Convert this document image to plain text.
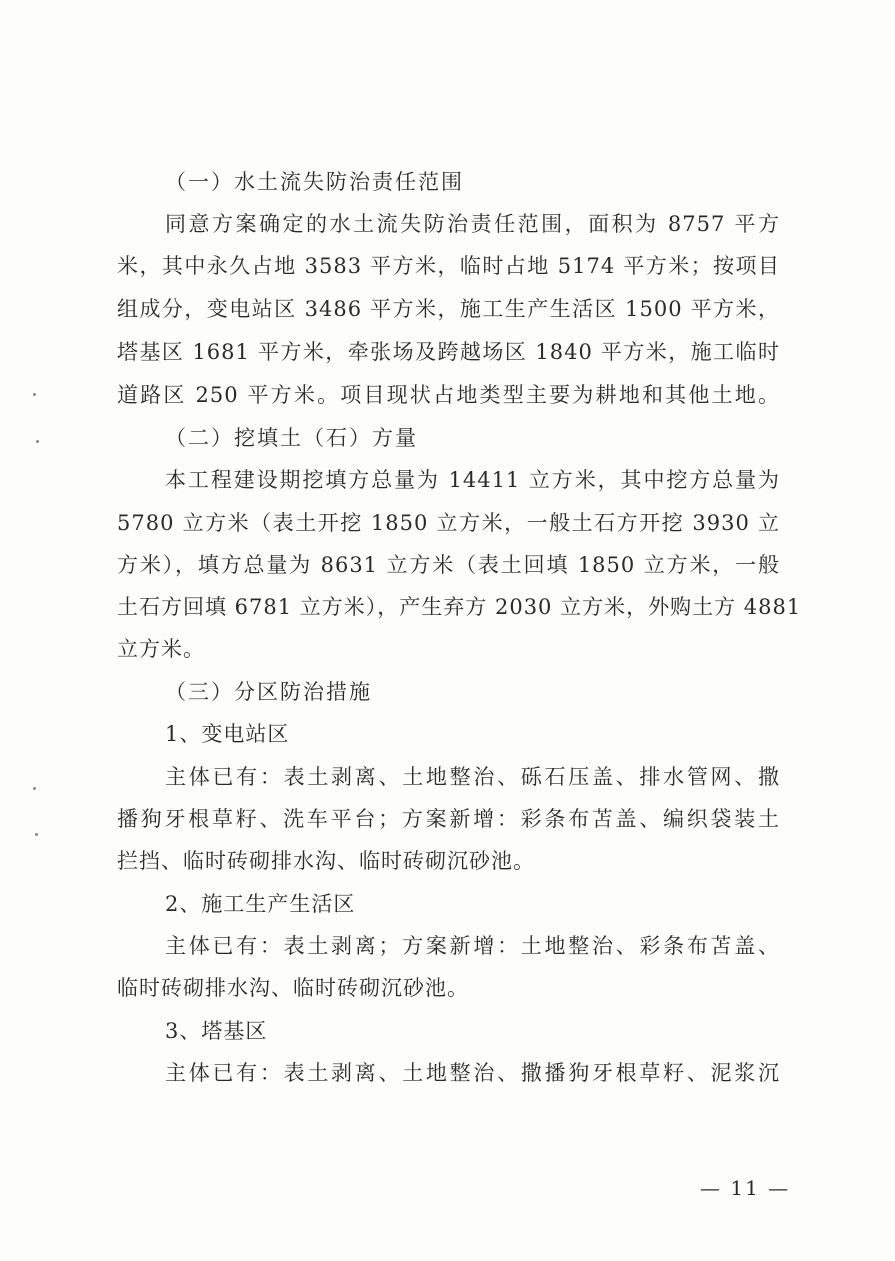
（一）水土流失防治责任范围
同意方案确定的水土流失防治责任范围，面积为 8757 平方
米，其中永久占地 3583 平方米，临时占地 5174 平方米；按项目
组成分，变电站区 3486 平方米，施工生产生活区 1500 平方米，
塔基区 1681 平方米，牵张场及跨越场区 1840 平方米，施工临时
道路区 250 平方米。项目现状占地类型主要为耕地和其他土地。
（二）挖填土（石）方量
本工程建设期挖填方总量为 14411 立方米，其中挖方总量为
5780 立方米（表土开挖 1850 立方米，一般土石方开挖 3930 立
方米），填方总量为 8631 立方米（表土回填 1850 立方米，一般
土石方回填 6781 立方米），产生弃方 2030 立方米，外购土方 4881
立方米。
（三）分区防治措施
1、变电站区
主体已有：表土剥离、土地整治、砾石压盖、排水管网、撒
播狗牙根草籽、洗车平台；方案新增：彩条布苫盖、编织袋装土
拦挡、临时砖砌排水沟、临时砖砌沉砂池。
2、施工生产生活区
主体已有：表土剥离；方案新增：土地整治、彩条布苫盖、
临时砖砌排水沟、临时砖砌沉砂池。
3、塔基区
主体已有：表土剥离、土地整治、撒播狗牙根草籽、泥浆沉
— 11 —
